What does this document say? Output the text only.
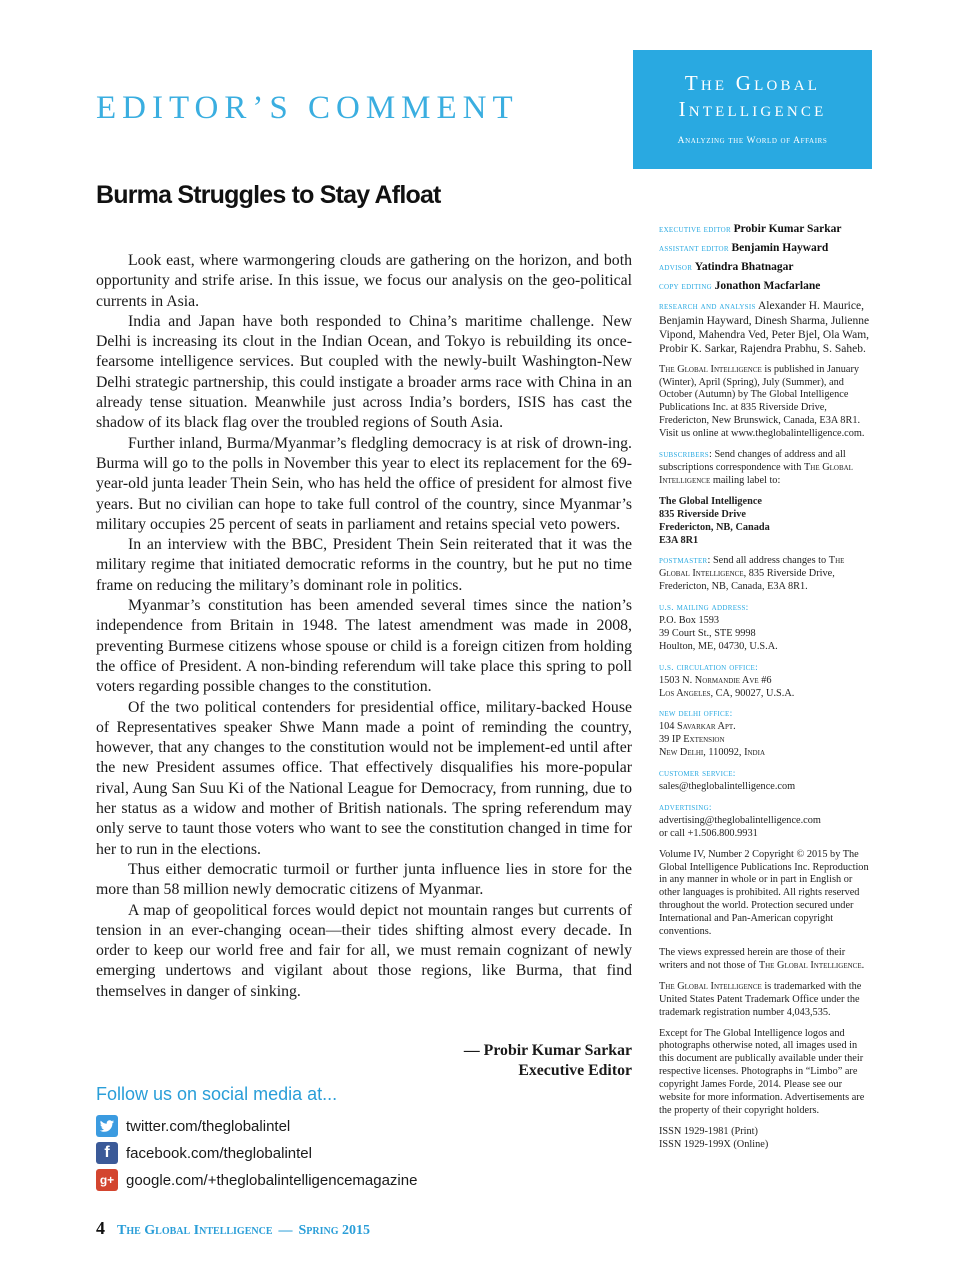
EDITOR’S COMMENT
The Global
Intelligence
Analyzing the World of Affairs
Burma Struggles to Stay Afloat

Look east, where warmongering clouds are gathering on the horizon, and both opportunity and strife arise. In this issue, we focus our analysis on the geo-political currents in Asia.

India and Japan have both responded to China’s maritime challenge. New Delhi is increasing its clout in the Indian Ocean, and Tokyo is rebuilding its once-fearsome intelligence services. But coupled with the newly-built Washington-New Delhi strategic partnership, this could instigate a broader arms race with China in an already tense situation. Meanwhile just across India’s borders, ISIS has cast the shadow of its black flag over the troubled regions of South Asia.

Further inland, Burma/Myanmar’s fledgling democracy is at risk of drown-ing. Burma will go to the polls in November this year to elect its replacement for the 69-year-old junta leader Thein Sein, who has held the office of president for almost five years. But no civilian can hope to take full control of the country, since Myanmar’s military occupies 25 percent of seats in parliament and retains special veto powers.

In an interview with the BBC, President Thein Sein reiterated that it was the military regime that initiated democratic reforms in the country, but he put no time frame on reducing the military’s dominant role in politics.

Myanmar’s constitution has been amended several times since the nation’s independence from Britain in 1948. The latest amendment was made in 2008, preventing Burmese citizens whose spouse or child is a foreign citizen from holding the office of President. A non-binding referendum will take place this spring to poll voters regarding possible changes to the constitution.

Of the two political contenders for presidential office, military-backed House of Representatives speaker Shwe Mann made a point of reminding the country, however, that any changes to the constitution would not be implement-ed until after the new President assumes office. That effectively disqualifies his more-popular rival, Aung San Suu Ki of the National League for Democracy, from running, due to her status as a widow and mother of British nationals. The spring referendum may only serve to taunt those voters who want to see the constitution changed in time for her to run in the elections.

Thus either democratic turmoil or further junta influence lies in store for the more than 58 million newly democratic citizens of Myanmar.

A map of geopolitical forces would depict not mountain ranges but currents of tension in an ever-changing ocean—their tides shifting almost every decade. In order to keep our world free and fair for all, we must remain cognizant of newly emerging undertows and vigilant about those regions, like Burma, that find themselves in danger of sinking.

— Probir Kumar Sarkar
Executive Editor
Follow us on social media at...
twitter.com/theglobalintel
f	facebook.com/theglobalintel
g+ google.com/+theglobalintelligencemagazine
4 The Global Intelligence — Spring 2015
executive editor Probir Kumar Sarkar
assistant editor Benjamin Hayward
advisor Yatindra Bhatnagar
copy editing Jonathon Macfarlane
research and analysis Alexander H. Maurice, Benjamin Hayward, Dinesh Sharma, Julienne Vipond, Mahendra Ved, Peter Bjel, Ola Wam, Probir K. Sarkar, Rajendra Prabhu, S. Saheb.
The Global Intelligence is published in January (Winter), April (Spring), July (Summer), and October (Autumn) by The Global Intelligence Publications Inc. at 835 Riverside Drive, Fredericton, New Brunswick, Canada, E3A 8R1. Visit us online at www.theglobalintelligence.com.
subscribers: Send changes of address and all subscriptions correspondence with The Global Intelligence mailing label to:
The Global Intelligence
835 Riverside Drive
Fredericton, NB, Canada
E3A 8R1
postmaster: Send all address changes to The Global Intelligence, 835 Riverside Drive, Fredericton, NB, Canada, E3A 8R1.
u.s. mailing address:
P.O. Box 1593
39 Court St., STE 9998
Houlton, ME, 04730, U.S.A.
u.s. circulation office:
1503 N. Normandie Ave #6
Los Angeles, CA, 90027, U.S.A.
new delhi office:
104 Savarkar Apt.
39 IP Extension
New Delhi, 110092, India
customer service:
sales@theglobalintelligence.com
advertising:
advertising@theglobalintelligence.com
or call +1.506.800.9931
Volume IV, Number 2 Copyright © 2015 by The Global Intelligence Publications Inc. Reproduction in any manner in whole or in part in English or other languages is prohibited. All rights reserved throughout the world. Protection secured under International and Pan-American copyright conventions.
The views expressed herein are those of their writers and not those of The Global Intelligence.
The Global Intelligence is trademarked with the United States Patent Trademark Office under the trademark registration number 4,043,535.
Except for The Global Intelligence logos and photographs otherwise noted, all images used in this document are publically available under their respective licenses. Photographs in “Limbo” are copyright James Forde, 2014. Please see our website for more information. Advertisements are the property of their copyright holders.
ISSN 1929-1981 (Print)
ISSN 1929-199X (Online)
